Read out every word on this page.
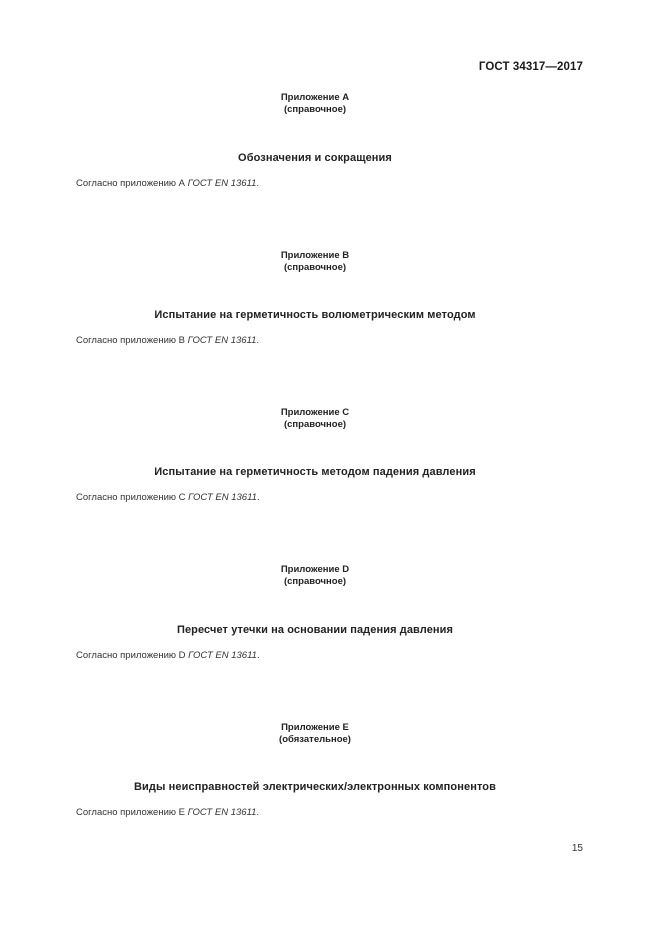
ГОСТ 34317—2017
Приложение А
(справочное)
Обозначения и сокращения
Согласно приложению А ГОСТ EN 13611.
Приложение В
(справочное)
Испытание на герметичность волюметрическим методом
Согласно приложению В ГОСТ EN 13611.
Приложение С
(справочное)
Испытание на герметичность методом падения давления
Согласно приложению С ГОСТ EN 13611.
Приложение D
(справочное)
Пересчет утечки на основании падения давления
Согласно приложению D ГОСТ EN 13611.
Приложение Е
(обязательное)
Виды неисправностей электрических/электронных компонентов
Согласно приложению Е ГОСТ EN 13611.
15
